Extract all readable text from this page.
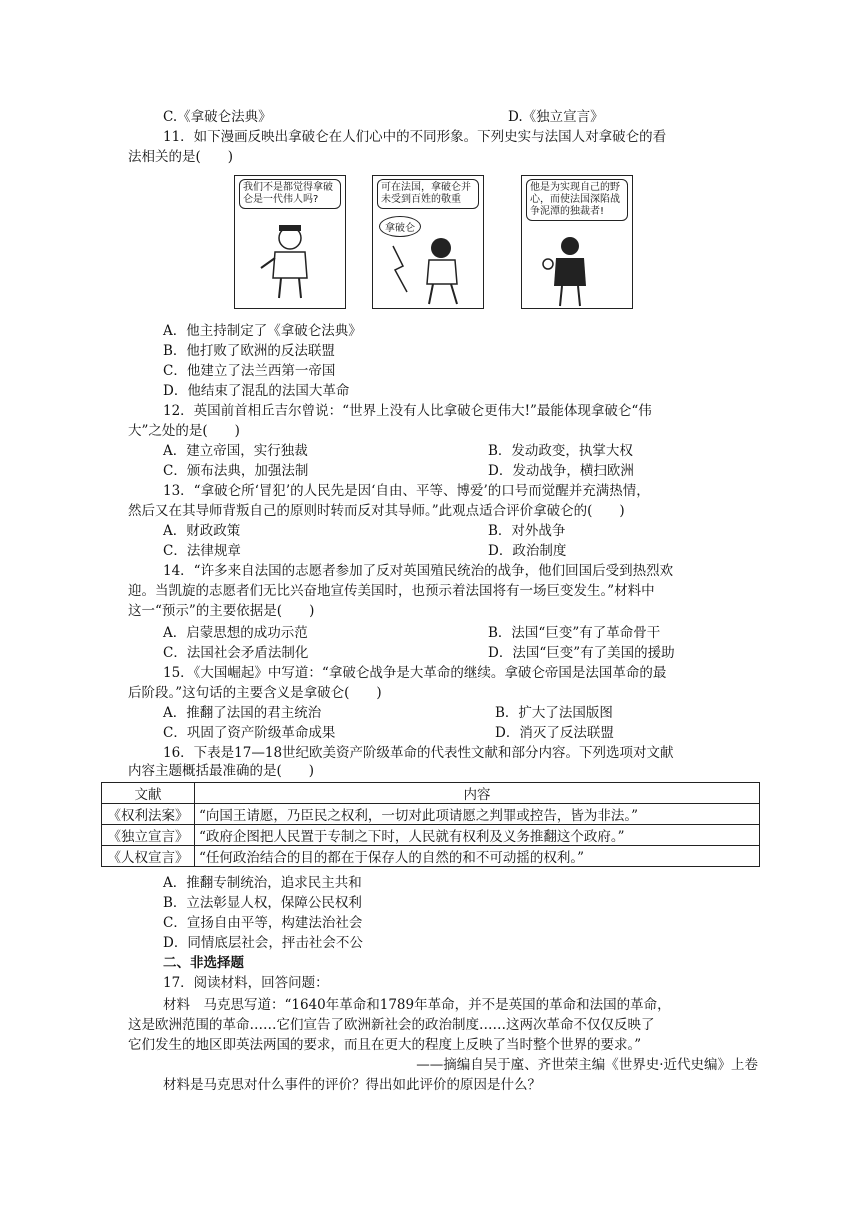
C.《拿破仑法典》	D.《独立宣言》
11．如下漫画反映出拿破仑在人们心中的不同形象。下列史实与法国人对拿破仑的看
法相关的是(　　)
我们不是都觉得拿破仑是一代伟人吗?
可在法国，拿破仑并未受到百姓的敬重
拿破仑
他是为实现自己的野心，而使法国深陷战争泥潭的独裁者!
A．他主持制定了《拿破仑法典》
B．他打败了欧洲的反法联盟
C．他建立了法兰西第一帝国
D．他结束了混乱的法国大革命
12．英国前首相丘吉尔曾说：“世界上没有人比拿破仑更伟大!”最能体现拿破仑“伟
大”之处的是(　　)
A．建立帝国，实行独裁	B．发动政变，执掌大权
C．颁布法典，加强法制	D．发动战争，横扫欧洲
13．“拿破仑所‘冒犯’的人民先是因‘自由、平等、博爱’的口号而觉醒并充满热情，
然后又在其导师背叛自己的原则时转而反对其导师。”此观点适合评价拿破仑的(　　)
A．财政政策	B．对外战争
C．法律规章	D．政治制度
14．“许多来自法国的志愿者参加了反对英国殖民统治的战争，他们回国后受到热烈欢
迎。当凯旋的志愿者们无比兴奋地宣传美国时，也预示着法国将有一场巨变发生。”材料中
这一“预示”的主要依据是(　　)
A．启蒙思想的成功示范	B．法国“巨变”有了革命骨干
C．法国社会矛盾法制化	D．法国“巨变”有了美国的援助
15．《大国崛起》中写道：“拿破仑战争是大革命的继续。拿破仑帝国是法国革命的最
后阶段。”这句话的主要含义是拿破仑(　　)
A．推翻了法国的君主统治	B．扩大了法国版图
C．巩固了资产阶级革命成果	D．消灭了反法联盟
16．下表是17—18世纪欧美资产阶级革命的代表性文献和部分内容。下列选项对文献
内容主题概括最准确的是(　　)
文献	内容
《权利法案》	“向国王请愿，乃臣民之权利，一切对此项请愿之判罪或控告，皆为非法。”
《独立宣言》	“政府企图把人民置于专制之下时，人民就有权利及义务推翻这个政府。”
《人权宣言》	“任何政治结合的目的都在于保存人的自然的和不可动摇的权利。”
A．推翻专制统治，追求民主共和
B．立法彰显人权，保障公民权利
C．宣扬自由平等，构建法治社会
D．同情底层社会，抨击社会不公
二、非选择题
17．阅读材料，回答问题：
材料　马克思写道：“1640年革命和1789年革命，并不是英国的革命和法国的革命，
这是欧洲范围的革命……它们宣告了欧洲新社会的政治制度……这两次革命不仅仅反映了
它们发生的地区即英法两国的要求，而且在更大的程度上反映了当时整个世界的要求。”
——摘编自吴于廑、齐世荣主编《世界史·近代史编》上卷
材料是马克思对什么事件的评价？得出如此评价的原因是什么？
